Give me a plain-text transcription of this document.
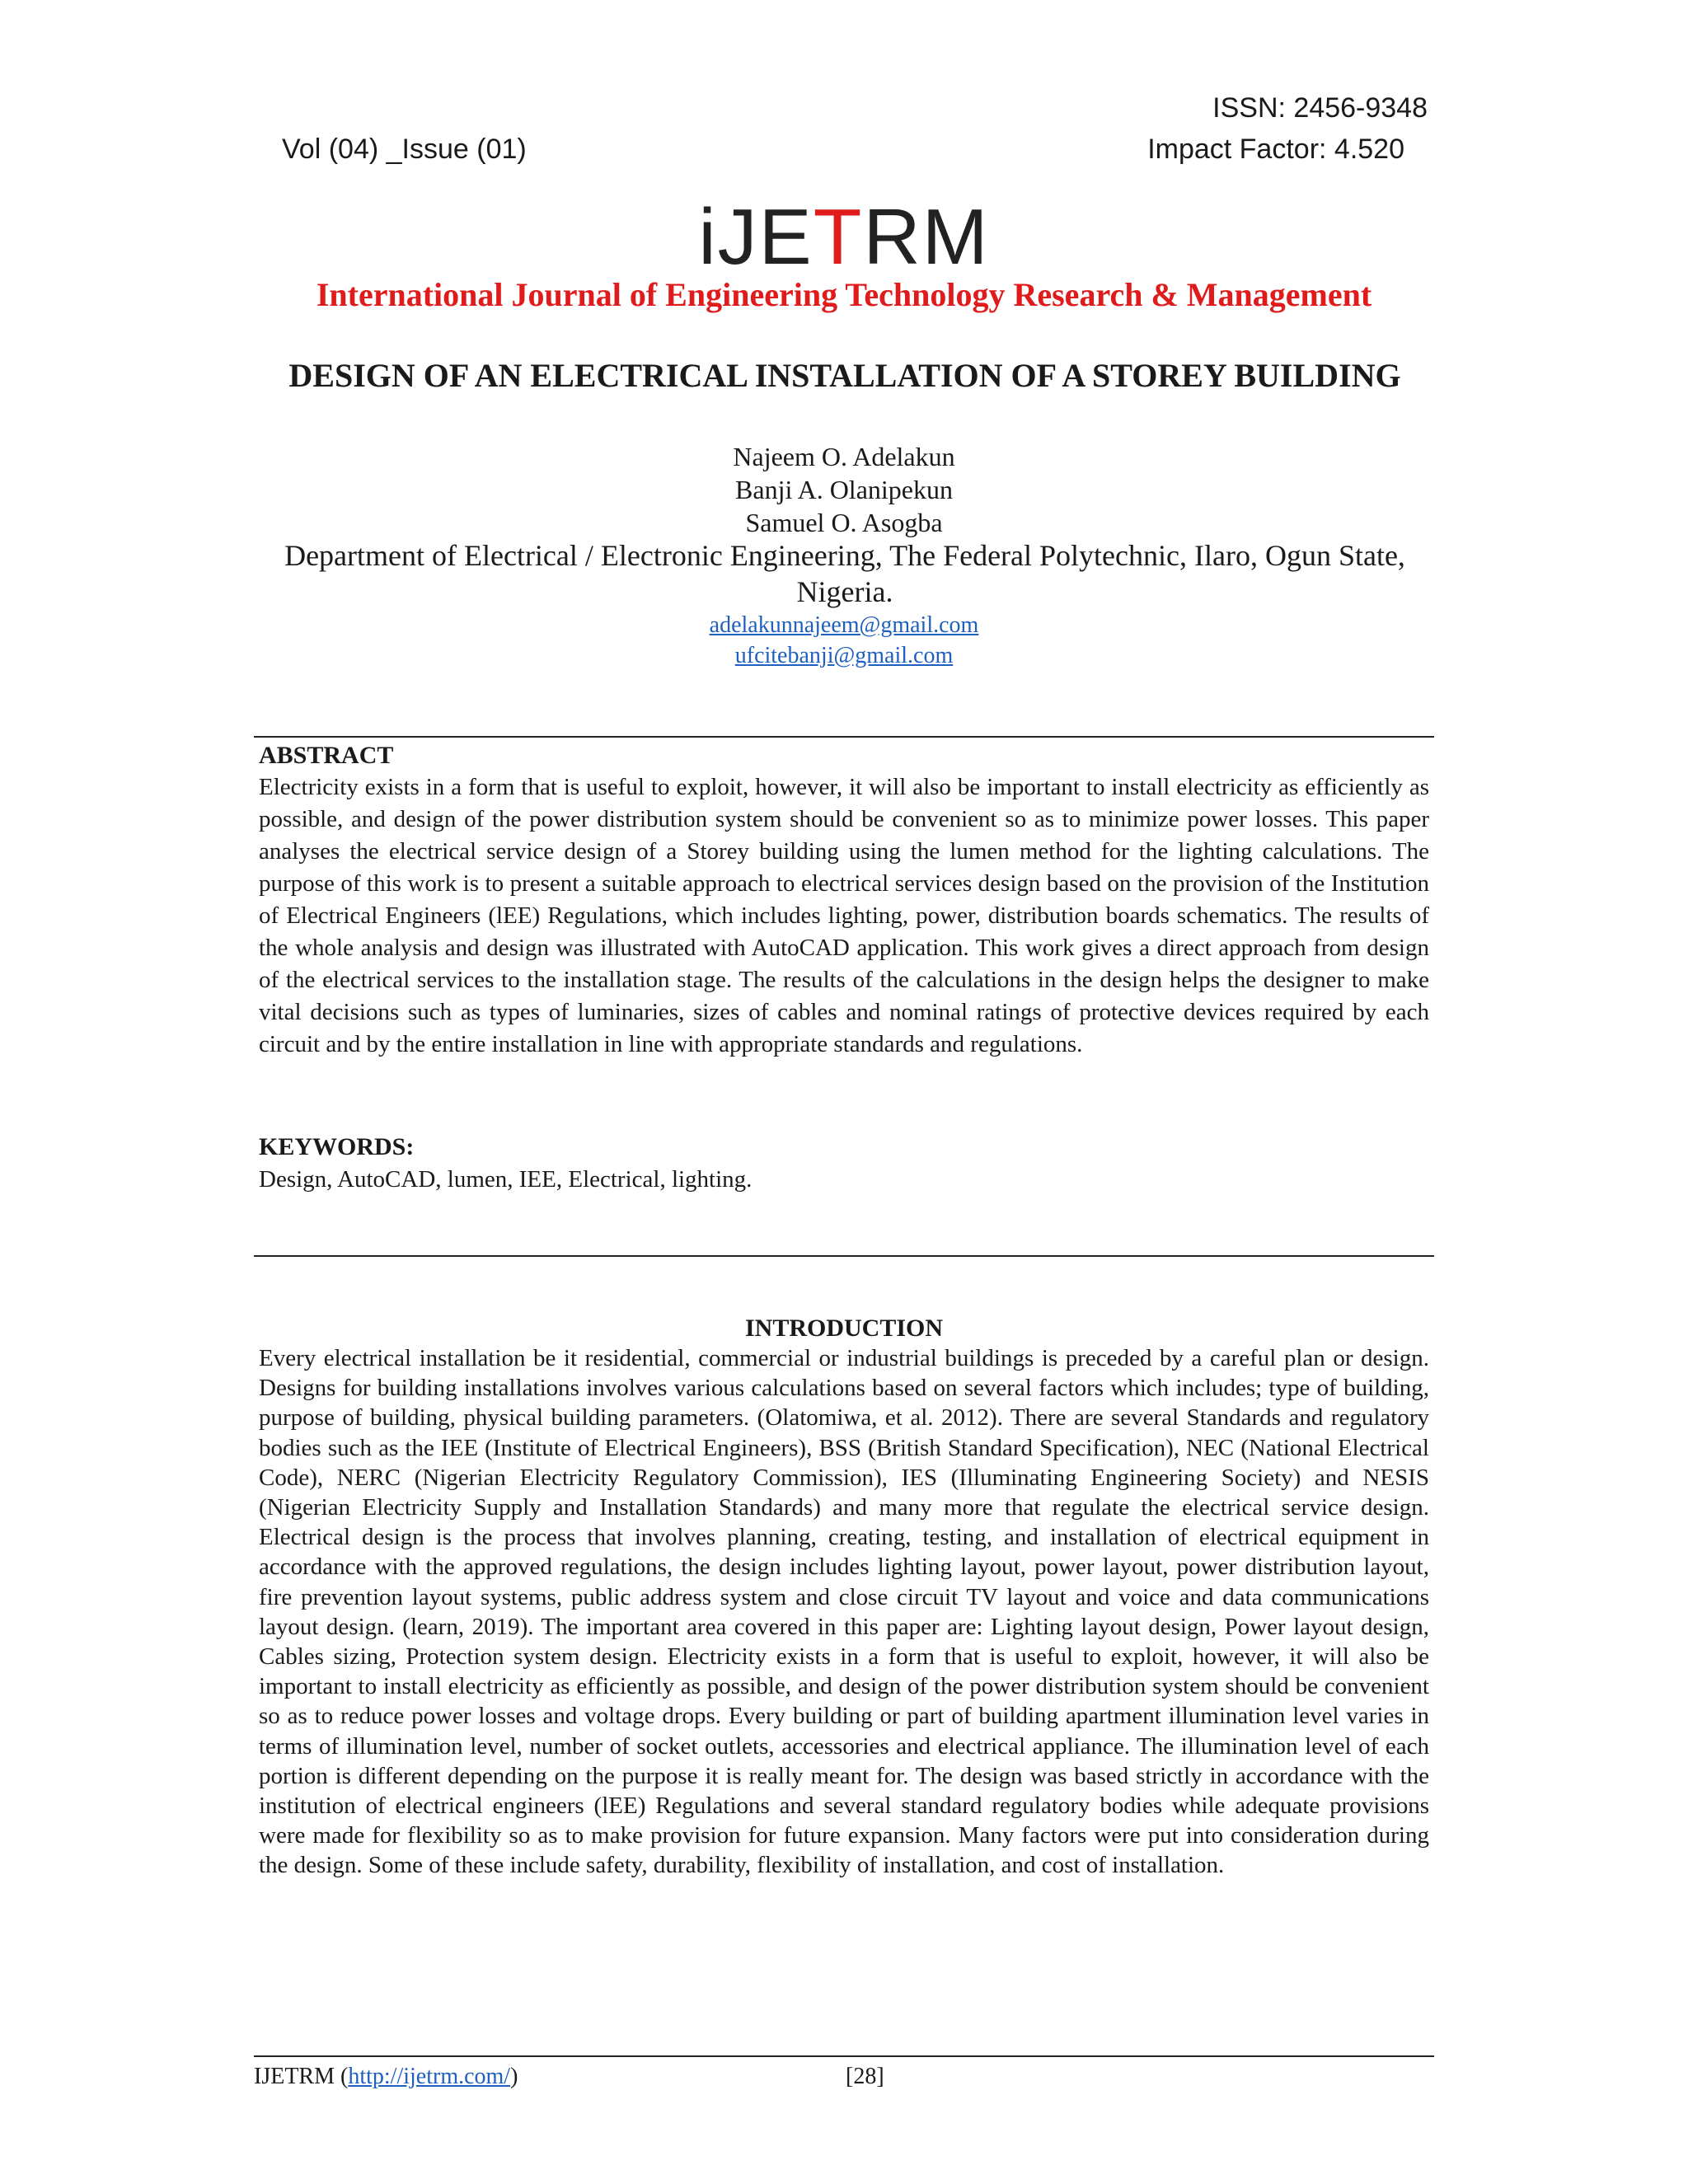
ISSN: 2456-9348
Vol (04) _Issue (01)	Impact Factor: 4.520
iJETRM
International Journal of Engineering Technology Research & Management
DESIGN OF AN ELECTRICAL INSTALLATION OF A STOREY BUILDING
Najeem O. Adelakun
Banji A. Olanipekun
Samuel O. Asogba
Department of Electrical / Electronic Engineering, The Federal Polytechnic, Ilaro, Ogun State, Nigeria.
adelakunnajeem@gmail.com
ufcitebanji@gmail.com
ABSTRACT
Electricity exists in a form that is useful to exploit, however, it will also be important to install electricity as efficiently as possible, and design of the power distribution system should be convenient so as to minimize power losses. This paper analyses the electrical service design of a Storey building using the lumen method for the lighting calculations. The purpose of this work is to present a suitable approach to electrical services design based on the provision of the Institution of Electrical Engineers (lEE) Regulations, which includes lighting, power, distribution boards schematics. The results of the whole analysis and design was illustrated with AutoCAD application. This work gives a direct approach from design of the electrical services to the installation stage. The results of the calculations in the design helps the designer to make vital decisions such as types of luminaries, sizes of cables and nominal ratings of protective devices required by each circuit and by the entire installation in line with appropriate standards and regulations.
KEYWORDS:
Design, AutoCAD, lumen, IEE, Electrical, lighting.
INTRODUCTION
Every electrical installation be it residential, commercial or industrial buildings is preceded by a careful plan or design. Designs for building installations involves various calculations based on several factors which includes; type of building, purpose of building, physical building parameters. (Olatomiwa, et al. 2012). There are several Standards and regulatory bodies such as the IEE (Institute of Electrical Engineers), BSS (British Standard Specification), NEC (National Electrical Code), NERC (Nigerian Electricity Regulatory Commission), IES (Illuminating Engineering Society) and NESIS (Nigerian Electricity Supply and Installation Standards) and many more that regulate the electrical service design. Electrical design is the process that involves planning, creating, testing, and installation of electrical equipment in accordance with the approved regulations, the design includes lighting layout, power layout, power distribution layout, fire prevention layout systems, public address system and close circuit TV layout and voice and data communications layout design. (learn, 2019). The important area covered in this paper are: Lighting layout design, Power layout design, Cables sizing, Protection system design. Electricity exists in a form that is useful to exploit, however, it will also be important to install electricity as efficiently as possible, and design of the power distribution system should be convenient so as to reduce power losses and voltage drops. Every building or part of building apartment illumination level varies in terms of illumination level, number of socket outlets, accessories and electrical appliance. The illumination level of each portion is different depending on the purpose it is really meant for. The design was based strictly in accordance with the institution of electrical engineers (lEE) Regulations and several standard regulatory bodies while adequate provisions were made for flexibility so as to make provision for future expansion. Many factors were put into consideration during the design. Some of these include safety, durability, flexibility of installation, and cost of installation.
IJETRM (http://ijetrm.com/)	[28]
